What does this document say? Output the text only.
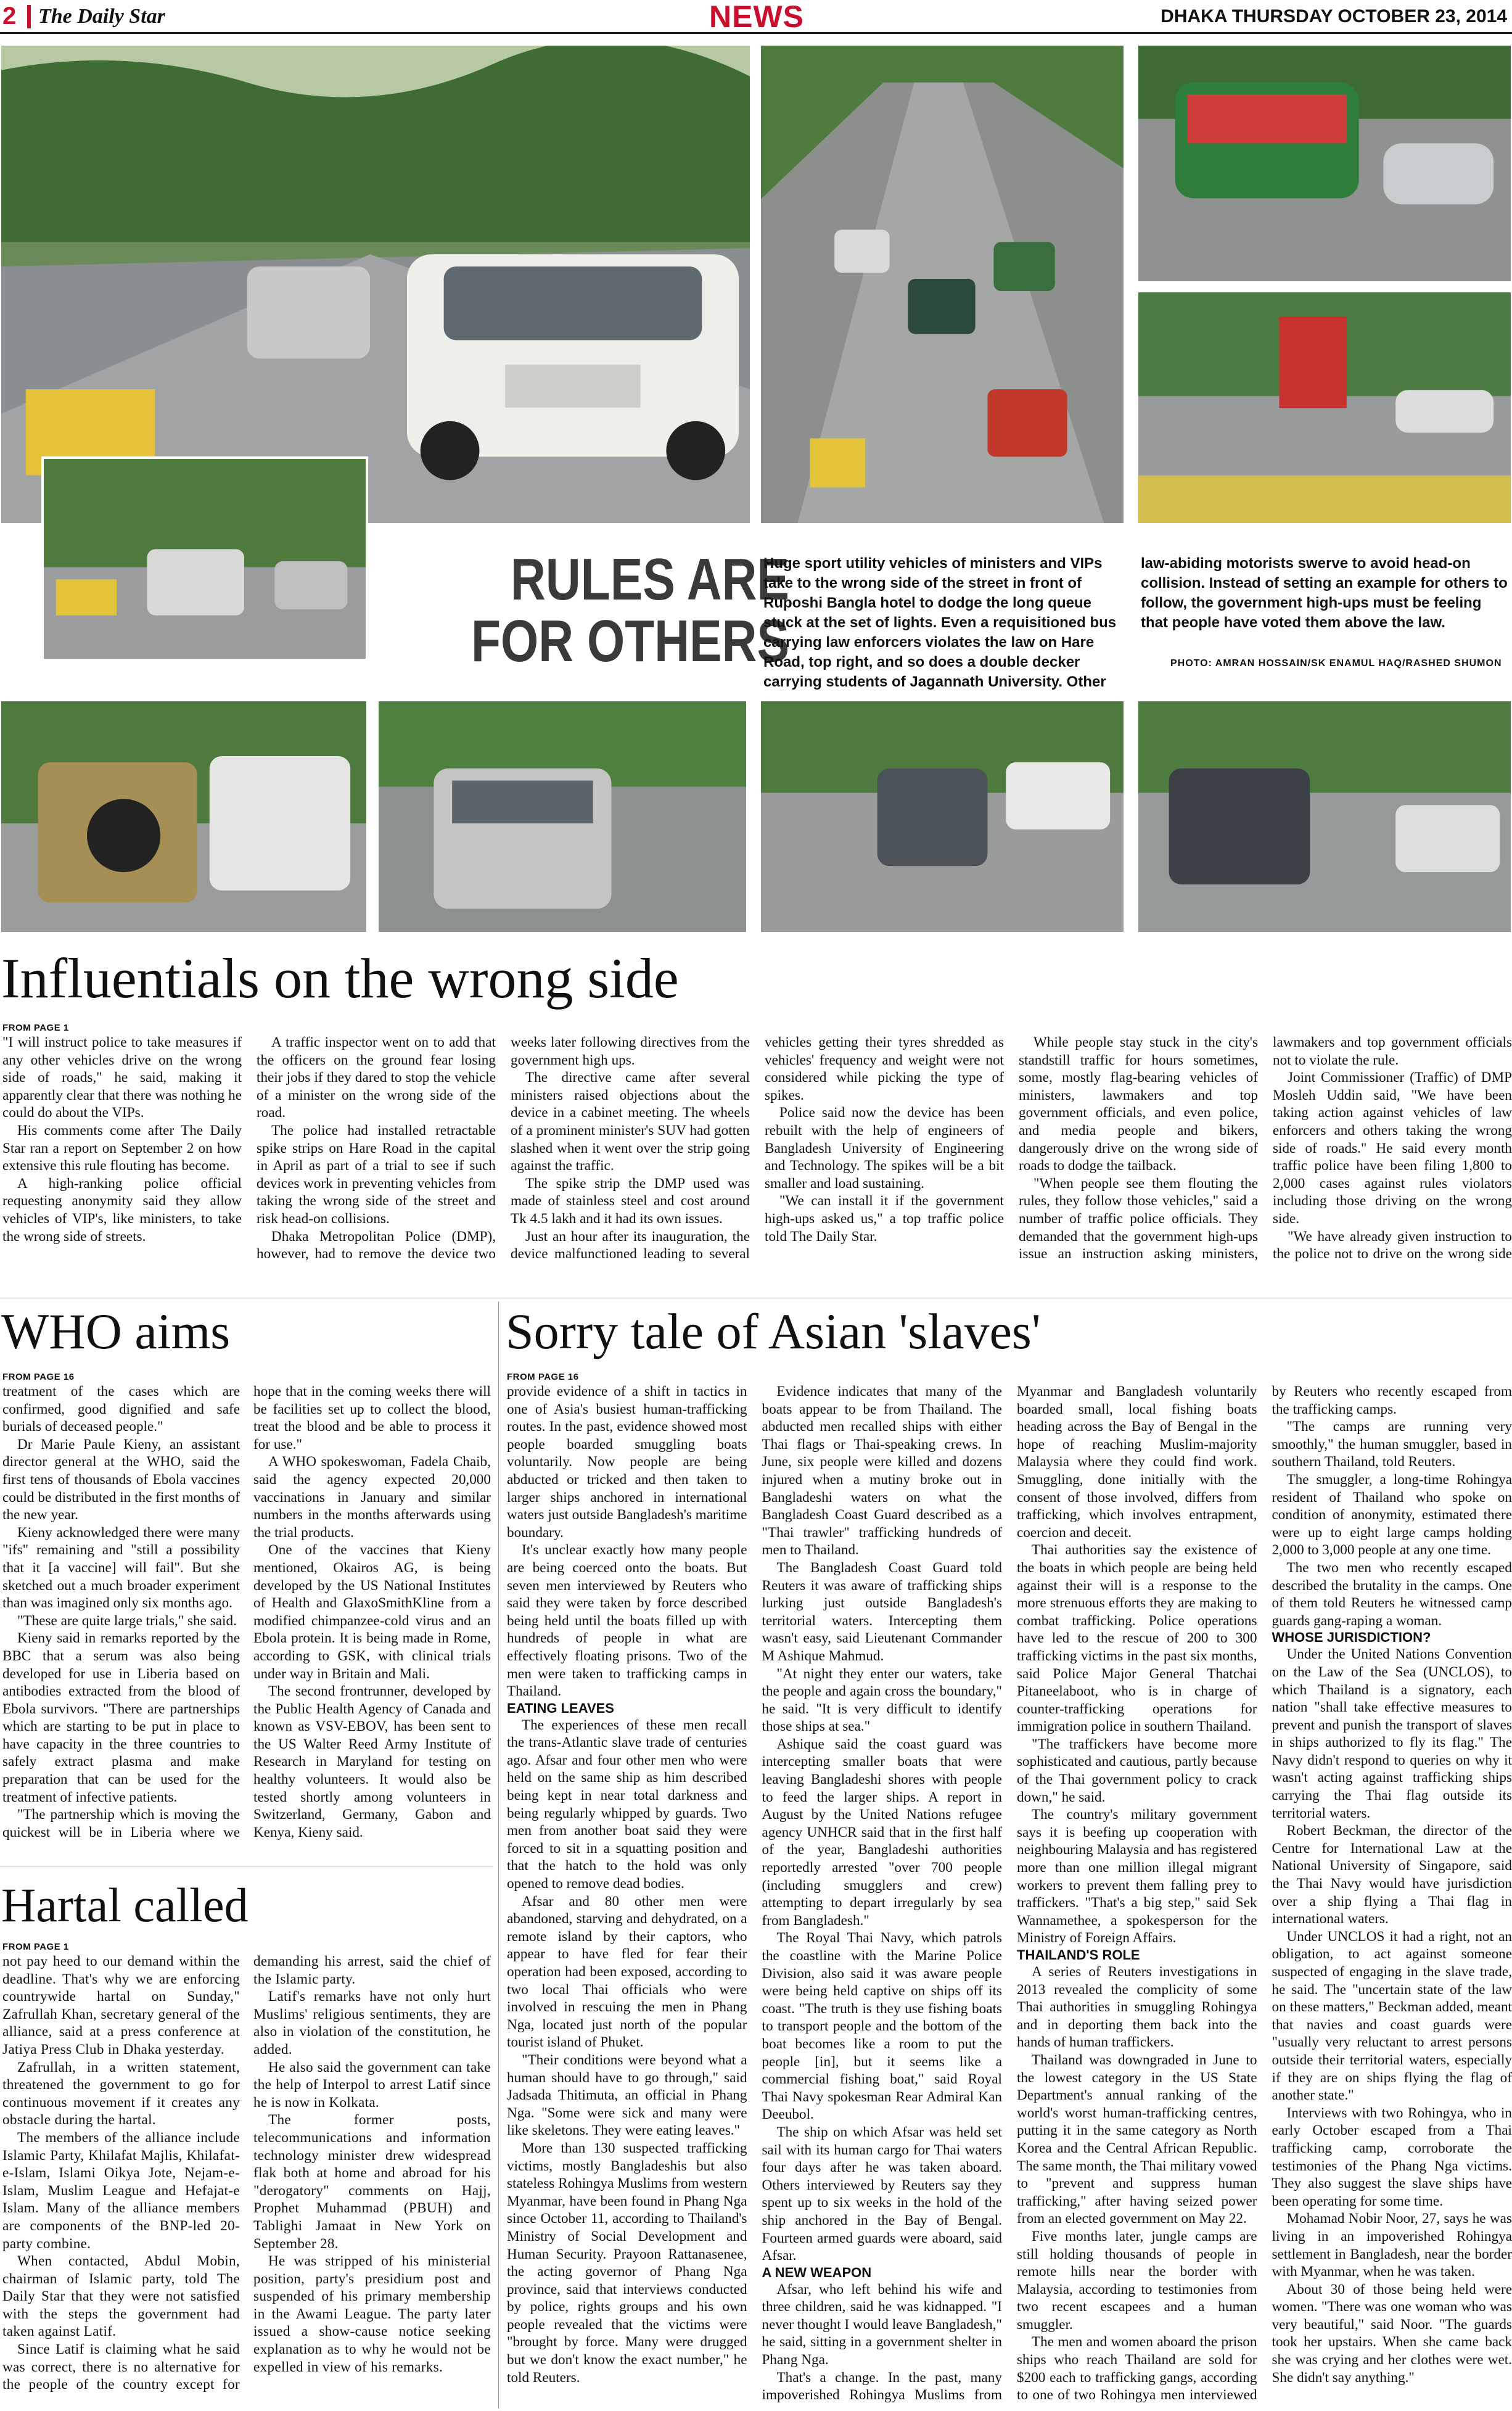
2 The Daily Star	NEWS	DHAKA THURSDAY OCTOBER 23, 2014
RULES ARE
FOR OTHERS
Huge sport utility vehicles of ministers and VIPs take to the wrong side of the street in front of Ruposhi Bangla hotel to dodge the long queue stuck at the set of lights. Even a requisitioned bus carrying law enforcers violates the law on Hare Road, top right, and so does a double decker carrying students of Jagannath University. Other
law-abiding motorists swerve to avoid head-on collision. Instead of setting an example for others to follow, the government high-ups must be feeling that people have voted them above the law.
PHOTO: AMRAN HOSSAIN/SK ENAMUL HAQ/RASHED SHUMON
Influentials on the wrong side
FROM PAGE 1

"I will instruct police to take measures if any other vehicles drive on the wrong side of roads," he said, making it apparently clear that there was nothing he could do about the VIPs.

His comments come after The Daily Star ran a report on September 2 on how extensive this rule flouting has become.

A high-ranking police official requesting anonymity said they allow vehicles of VIP's, like ministers, to take the wrong side of streets.

A traffic inspector went on to add that the officers on the ground fear losing their jobs if they dared to stop the vehicle of a minister on the wrong side of the road.

The police had installed retractable spike strips on Hare Road in the capital in April as part of a trial to see if such devices work in preventing vehicles from taking the wrong side of the street and risk head-on collisions.

Dhaka Metropolitan Police (DMP), however, had to remove the device two weeks later following directives from the government high ups.

The directive came after several ministers raised objections about the device in a cabinet meeting. The wheels of a prominent minister's SUV had gotten slashed when it went over the strip going against the traffic.

The spike strip the DMP used was made of stainless steel and cost around Tk 4.5 lakh and it had its own issues.

Just an hour after its inauguration, the device malfunctioned leading to several vehicles getting their tyres shredded as vehicles' frequency and weight were not considered while picking the type of spikes.

Police said now the device has been rebuilt with the help of engineers of Bangladesh University of Engineering and Technology. The spikes will be a bit smaller and load sustaining.

"We can install it if the government high-ups asked us," a top traffic police told The Daily Star.

While people stay stuck in the city's standstill traffic for hours sometimes, some, mostly flag-bearing vehicles of ministers, lawmakers and top government officials, and even police, and media people and bikers, dangerously drive on the wrong side of roads to dodge the tailback.

"When people see them flouting the rules, they follow those vehicles," said a number of traffic police officials. They demanded that the government high-ups issue an instruction asking ministers, lawmakers and top government officials not to violate the rule.

Joint Commissioner (Traffic) of DMP Mosleh Uddin said, "We have been taking action against vehicles of law enforcers and others taking the wrong side of roads." He said every month traffic police have been filing 1,800 to 2,000 cases against rules violators including those driving on the wrong side.

"We have already given instruction to the police not to drive on the wrong side

WHO aims
FROM PAGE 16

treatment of the cases which are confirmed, good dignified and safe burials of deceased people."

Dr Marie Paule Kieny, an assistant director general at the WHO, said the first tens of thousands of Ebola vaccines could be distributed in the first months of the new year.

Kieny acknowledged there were many "ifs" remaining and "still a possibility that it [a vaccine] will fail". But she sketched out a much broader experiment than was imagined only six months ago.

"These are quite large trials," she said.

Kieny said in remarks reported by the BBC that a serum was also being developed for use in Liberia based on antibodies extracted from the blood of Ebola survivors. "There are partnerships which are starting to be put in place to have capacity in the three countries to safely extract plasma and make preparation that can be used for the treatment of infective patients.

"The partnership which is moving the quickest will be in Liberia where we hope that in the coming weeks there will be facilities set up to collect the blood, treat the blood and be able to process it for use."

A WHO spokeswoman, Fadela Chaib, said the agency expected 20,000 vaccinations in January and similar numbers in the months afterwards using the trial products.

One of the vaccines that Kieny mentioned, Okairos AG, is being developed by the US National Institutes of Health and GlaxoSmithKline from a modified chimpanzee-cold virus and an Ebola protein. It is being made in Rome, according to GSK, with clinical trials under way in Britain and Mali.

The second frontrunner, developed by the Public Health Agency of Canada and known as VSV-EBOV, has been sent to the US Walter Reed Army Institute of Research in Maryland for testing on healthy volunteers. It would also be tested shortly among volunteers in Switzerland, Germany, Gabon and Kenya, Kieny said.

Hartal called
FROM PAGE 1

not pay heed to our demand within the deadline. That's why we are enforcing countrywide hartal on Sunday," Zafrullah Khan, secretary general of the alliance, said at a press conference at Jatiya Press Club in Dhaka yesterday.

Zafrullah, in a written statement, threatened the government to go for continuous movement if it creates any obstacle during the hartal.

The members of the alliance include Islamic Party, Khilafat Majlis, Khilafat-e-Islam, Islami Oikya Jote, Nejam-e-Islam, Muslim League and Hefajat-e Islam. Many of the alliance members are components of the BNP-led 20-party combine.

When contacted, Abdul Mobin, chairman of Islamic party, told The Daily Star that they were not satisfied with the steps the government had taken against Latif.

Since Latif is claiming what he said was correct, there is no alternative for the people of the country except for demanding his arrest, said the chief of the Islamic party.

Latif's remarks have not only hurt Muslims' religious sentiments, they are also in violation of the constitution, he added.

He also said the government can take the help of Interpol to arrest Latif since he is now in Kolkata.

The former posts, telecommunications and information technology minister drew widespread flak both at home and abroad for his "derogatory" comments on Hajj, Prophet Muhammad (PBUH) and Tablighi Jamaat in New York on September 28.

He was stripped of his ministerial position, party's presidium post and suspended of his primary membership in the Awami League. The party later issued a show-cause notice seeking explanation as to why he would not be expelled in view of his remarks.

Sorry tale of Asian 'slaves'
FROM PAGE 16

provide evidence of a shift in tactics in one of Asia's busiest human-trafficking routes. In the past, evidence showed most people boarded smuggling boats voluntarily. Now people are being abducted or tricked and then taken to larger ships anchored in international waters just outside Bangladesh's maritime boundary.

It's unclear exactly how many people are being coerced onto the boats. But seven men interviewed by Reuters who said they were taken by force described being held until the boats filled up with hundreds of people in what are effectively floating prisons. Two of the men were taken to trafficking camps in Thailand.

EATING LEAVES

The experiences of these men recall the trans-Atlantic slave trade of centuries ago. Afsar and four other men who were held on the same ship as him described being kept in near total darkness and being regularly whipped by guards. Two men from another boat said they were forced to sit in a squatting position and that the hatch to the hold was only opened to remove dead bodies.

Afsar and 80 other men were abandoned, starving and dehydrated, on a remote island by their captors, who appear to have fled for fear their operation had been exposed, according to two local Thai officials who were involved in rescuing the men in Phang Nga, located just north of the popular tourist island of Phuket.

"Their conditions were beyond what a human should have to go through," said Jadsada Thitimuta, an official in Phang Nga. "Some were sick and many were like skeletons. They were eating leaves."

More than 130 suspected trafficking victims, mostly Bangladeshis but also stateless Rohingya Muslims from western Myanmar, have been found in Phang Nga since October 11, according to Thailand's Ministry of Social Development and Human Security. Prayoon Rattanasenee, the acting governor of Phang Nga province, said that interviews conducted by police, rights groups and his own people revealed that the victims were "brought by force. Many were drugged but we don't know the exact number," he told Reuters.

Evidence indicates that many of the boats appear to be from Thailand. The abducted men recalled ships with either Thai flags or Thai-speaking crews. In June, six people were killed and dozens injured when a mutiny broke out in Bangladeshi waters on what the Bangladesh Coast Guard described as a "Thai trawler" trafficking hundreds of men to Thailand.

The Bangladesh Coast Guard told Reuters it was aware of trafficking ships lurking just outside Bangladesh's territorial waters. Intercepting them wasn't easy, said Lieutenant Commander M Ashique Mahmud.

"At night they enter our waters, take the people and again cross the boundary," he said. "It is very difficult to identify those ships at sea."

Ashique said the coast guard was intercepting smaller boats that were leaving Bangladeshi shores with people to feed the larger ships. A report in August by the United Nations refugee agency UNHCR said that in the first half of the year, Bangladeshi authorities reportedly arrested "over 700 people (including smugglers and crew) attempting to depart irregularly by sea from Bangladesh."

The Royal Thai Navy, which patrols the coastline with the Marine Police Division, also said it was aware people were being held captive on ships off its coast. "The truth is they use fishing boats to transport people and the bottom of the boat becomes like a room to put the people [in], but it seems like a commercial fishing boat," said Royal Thai Navy spokesman Rear Admiral Kan Deeubol.

The ship on which Afsar was held set sail with its human cargo for Thai waters four days after he was taken aboard. Others interviewed by Reuters say they spent up to six weeks in the hold of the ship anchored in the Bay of Bengal. Fourteen armed guards were aboard, said Afsar.

A NEW WEAPON

Afsar, who left behind his wife and three children, said he was kidnapped. "I never thought I would leave Bangladesh," he said, sitting in a government shelter in Phang Nga.

That's a change. In the past, many impoverished Rohingya Muslims from Myanmar and Bangladesh voluntarily boarded small, local fishing boats heading across the Bay of Bengal in the hope of reaching Muslim-majority Malaysia where they could find work. Smuggling, done initially with the consent of those involved, differs from trafficking, which involves entrapment, coercion and deceit.

Thai authorities say the existence of the boats in which people are being held against their will is a response to the more strenuous efforts they are making to combat trafficking. Police operations have led to the rescue of 200 to 300 trafficking victims in the past six months, said Police Major General Thatchai Pitaneelaboot, who is in charge of counter-trafficking operations for immigration police in southern Thailand.

"The traffickers have become more sophisticated and cautious, partly because of the Thai government policy to crack down," he said.

The country's military government says it is beefing up cooperation with neighbouring Malaysia and has registered more than one million illegal migrant workers to prevent them falling prey to traffickers. "That's a big step," said Sek Wannamethee, a spokesperson for the Ministry of Foreign Affairs.

THAILAND'S ROLE

A series of Reuters investigations in 2013 revealed the complicity of some Thai authorities in smuggling Rohingya and in deporting them back into the hands of human traffickers.

Thailand was downgraded in June to the lowest category in the US State Department's annual ranking of the world's worst human-trafficking centres, putting it in the same category as North Korea and the Central African Republic. The same month, the Thai military vowed to "prevent and suppress human trafficking," after having seized power from an elected government on May 22.

Five months later, jungle camps are still holding thousands of people in remote hills near the border with Malaysia, according to testimonies from two recent escapees and a human smuggler.

The men and women aboard the prison ships who reach Thailand are sold for $200 each to trafficking gangs, according to one of two Rohingya men interviewed by Reuters who recently escaped from the trafficking camps.

"The camps are running very smoothly," the human smuggler, based in southern Thailand, told Reuters.

The smuggler, a long-time Rohingya resident of Thailand who spoke on condition of anonymity, estimated there were up to eight large camps holding 2,000 to 3,000 people at any one time.

The two men who recently escaped described the brutality in the camps. One of them told Reuters he witnessed camp guards gang-raping a woman.

WHOSE JURISDICTION?

Under the United Nations Convention on the Law of the Sea (UNCLOS), to which Thailand is a signatory, each nation "shall take effective measures to prevent and punish the transport of slaves in ships authorized to fly its flag." The Navy didn't respond to queries on why it wasn't acting against trafficking ships carrying the Thai flag outside its territorial waters.

Robert Beckman, the director of the Centre for International Law at the National University of Singapore, said the Thai Navy would have jurisdiction over a ship flying a Thai flag in international waters.

Under UNCLOS it had a right, not an obligation, to act against someone suspected of engaging in the slave trade, he said. The "uncertain state of the law on these matters," Beckman added, meant that navies and coast guards were "usually very reluctant to arrest persons outside their territorial waters, especially if they are on ships flying the flag of another state."

Interviews with two Rohingya, who in early October escaped from a Thai trafficking camp, corroborate the testimonies of the Phang Nga victims. They also suggest the slave ships have been operating for some time.

Mohamad Nobir Noor, 27, says he was living in an impoverished Rohingya settlement in Bangladesh, near the border with Myanmar, when he was taken.

About 30 of those being held were women. "There was one woman who was very beautiful," said Noor. "The guards took her upstairs. When she came back she was crying and her clothes were wet. She didn't say anything."
